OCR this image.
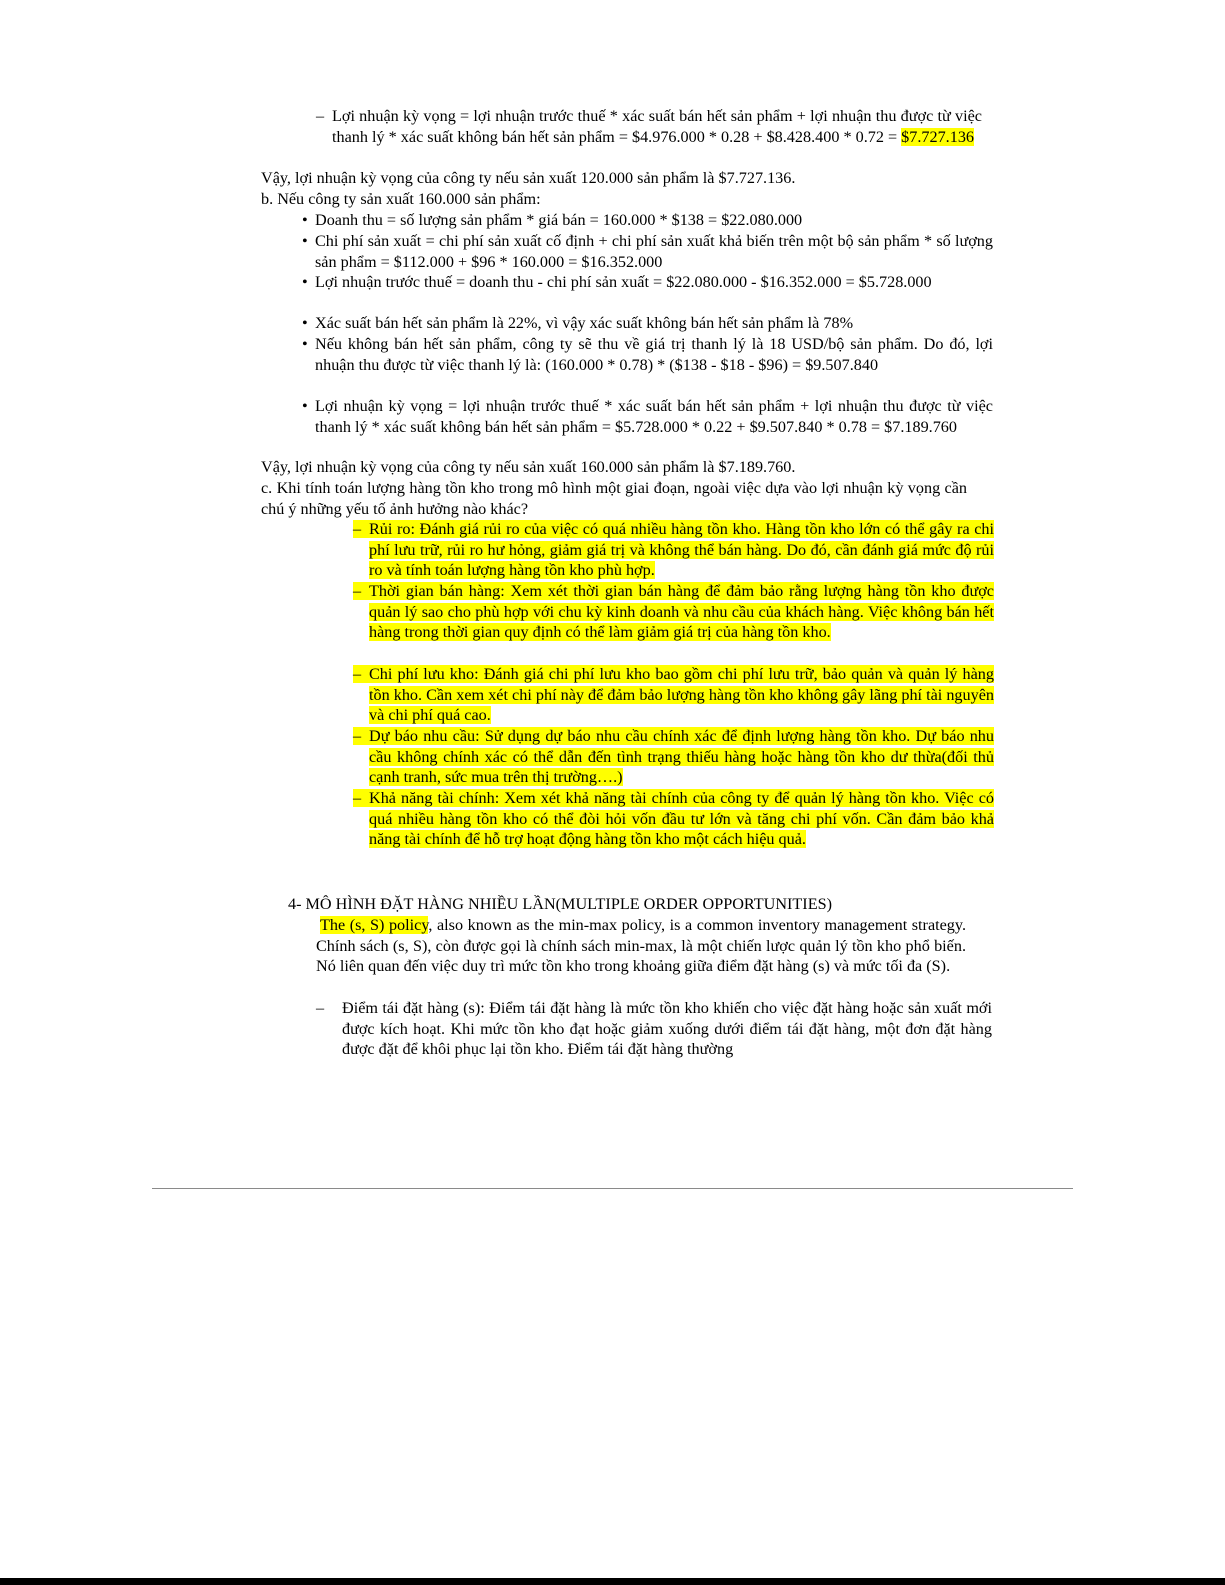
– Lợi nhuận kỳ vọng = lợi nhuận trước thuế * xác suất bán hết sản phẩm + lợi nhuận thu được từ việc thanh lý * xác suất không bán hết sản phẩm = $4.976.000 * 0.28 + $8.428.400 * 0.72 = $7.727.136

Vậy, lợi nhuận kỳ vọng của công ty nếu sản xuất 120.000 sản phẩm là $7.727.136.

b. Nếu công ty sản xuất 160.000 sản phẩm:

• Doanh thu = số lượng sản phẩm * giá bán = 160.000 * $138 = $22.080.000

• Chi phí sản xuất = chi phí sản xuất cố định + chi phí sản xuất khả biến trên một bộ sản phẩm * số lượng sản phẩm = $112.000 + $96 * 160.000 = $16.352.000

• Lợi nhuận trước thuế = doanh thu - chi phí sản xuất = $22.080.000 - $16.352.000 = $5.728.000

• Xác suất bán hết sản phẩm là 22%, vì vậy xác suất không bán hết sản phẩm là 78%

• Nếu không bán hết sản phẩm, công ty sẽ thu về giá trị thanh lý là 18 USD/bộ sản phẩm. Do đó, lợi nhuận thu được từ việc thanh lý là: (160.000 * 0.78) * ($138 - $18 - $96) = $9.507.840

• Lợi nhuận kỳ vọng = lợi nhuận trước thuế * xác suất bán hết sản phẩm + lợi nhuận thu được từ việc thanh lý * xác suất không bán hết sản phẩm = $5.728.000 * 0.22 + $9.507.840 * 0.78 = $7.189.760

Vậy, lợi nhuận kỳ vọng của công ty nếu sản xuất 160.000 sản phẩm là $7.189.760.

c. Khi tính toán lượng hàng tồn kho trong mô hình một giai đoạn, ngoài việc dựa vào lợi nhuận kỳ vọng cần chú ý những yếu tố ảnh hưởng nào khác?

– Rủi ro: Đánh giá rủi ro của việc có quá nhiều hàng tồn kho. Hàng tồn kho lớn có thể gây ra chi phí lưu trữ, rủi ro hư hỏng, giảm giá trị và không thể bán hàng. Do đó, cần đánh giá mức độ rủi ro và tính toán lượng hàng tồn kho phù hợp.

– Thời gian bán hàng: Xem xét thời gian bán hàng để đảm bảo rằng lượng hàng tồn kho được quản lý sao cho phù hợp với chu kỳ kinh doanh và nhu cầu của khách hàng. Việc không bán hết hàng trong thời gian quy định có thể làm giảm giá trị của hàng tồn kho.

– Chi phí lưu kho: Đánh giá chi phí lưu kho bao gồm chi phí lưu trữ, bảo quản và quản lý hàng tồn kho. Cần xem xét chi phí này để đảm bảo lượng hàng tồn kho không gây lãng phí tài nguyên và chi phí quá cao.

– Dự báo nhu cầu: Sử dụng dự báo nhu cầu chính xác để định lượng hàng tồn kho. Dự báo nhu cầu không chính xác có thể dẫn đến tình trạng thiếu hàng hoặc hàng tồn kho dư thừa(đối thủ cạnh tranh, sức mua trên thị trường….)

– Khả năng tài chính: Xem xét khả năng tài chính của công ty để quản lý hàng tồn kho. Việc có quá nhiều hàng tồn kho có thể đòi hỏi vốn đầu tư lớn và tăng chi phí vốn. Cần đảm bảo khả năng tài chính để hỗ trợ hoạt động hàng tồn kho một cách hiệu quả.

4- MÔ HÌNH ĐẶT HÀNG NHIỀU LẦN(MULTIPLE ORDER OPPORTUNITIES)

The (s, S) policy, also known as the min-max policy, is a common inventory management strategy. Chính sách (s, S), còn được gọi là chính sách min-max, là một chiến lược quản lý tồn kho phổ biến. Nó liên quan đến việc duy trì mức tồn kho trong khoảng giữa điểm đặt hàng (s) và mức tối đa (S).

– Điểm tái đặt hàng (s): Điểm tái đặt hàng là mức tồn kho khiến cho việc đặt hàng hoặc sản xuất mới được kích hoạt. Khi mức tồn kho đạt hoặc giảm xuống dưới điểm tái đặt hàng, một đơn đặt hàng được đặt để khôi phục lại tồn kho. Điểm tái đặt hàng thường
